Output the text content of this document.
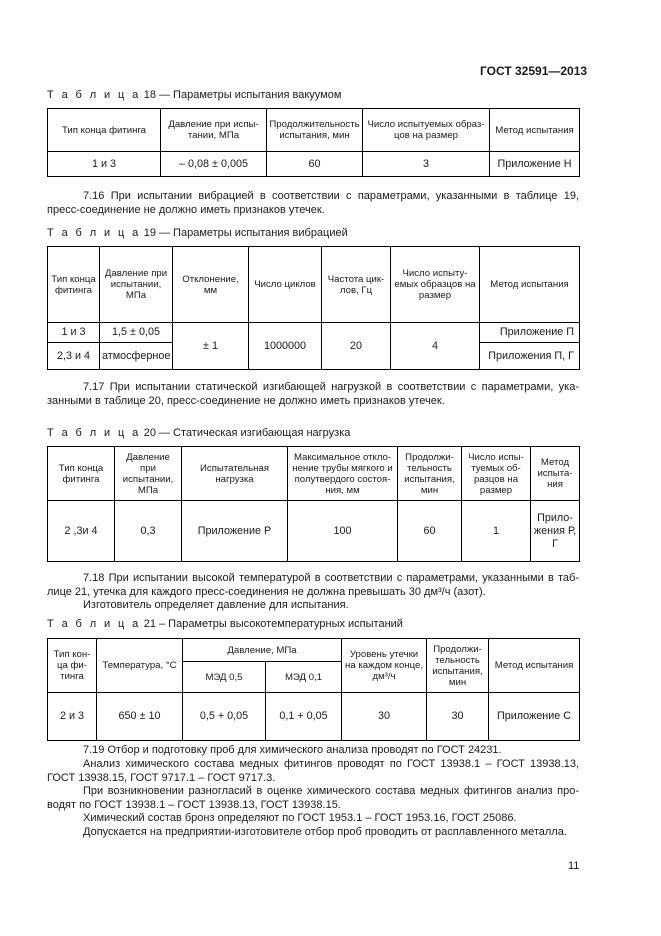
ГОСТ 32591—2013
Т а б л и ц а 18 — Параметры испытания вакуумом
Тип конца фитинга	Давление при испы-тании, МПа	Продолжительность испытания, мин	Число испытуемых образ-цов на размер	Метод испытания
1 и 3	– 0,08 ± 0,005	60	3	Приложение Н
7.16 При испытании вибрацией в соответствии с параметрами, указанными в таблице 19, пресс-соединение не должно иметь признаков утечек.
Т а б л и ц а 19 — Параметры испытания вибрацией
Тип конца фитинга	Давление при испытании, МПа	Отклонение, мм	Число циклов	Частота цик-лов, Гц	Число испыту-емых образцов на размер	Метод испытания
1 и 3	1,5 ± 0,05	± 1	1000000	20	4	Приложение П
2,3 и 4	атмосферное					Приложения П, Г
7.17 При испытании статической изгибающей нагрузкой в соответствии с параметрами, ука-занными в таблице 20, пресс-соединение не должно иметь признаков утечек.
Т а б л и ц а 20 — Статическая изгибающая нагрузка
Тип конца фитинга	Давление при испытании, МПа	Испытательная нагрузка	Максимальное откло-нение трубы мягкого и полутвердого состоя-ния, мм	Продолжи-тельность испытания, мин	Число испы-туемых об-разцов на размер	Метод испыта-ния
2 ,3и 4	0,3	Приложение Р	100	60	1	Прило-жения Р, Г
7.18 При испытании высокой температурой в соответствии с параметрами, указанными в таб-лице 21, утечка для каждого пресс-соединения не должна превышать 30 дм³/ч (азот).
Изготовитель определяет давление для испытания.
Т а б л и ц а 21 – Параметры высокотемпературных испытаний
Тип кон-ца фи-тинга	Температура, °С	Давление, МПа		Уровень утечки на каждом конце, дм³/ч	Продолжи-тельность испытания, мин	Метод испытания
		МЭД 0,5	МЭД 0,1			
2 и 3	650 ± 10	0,5 + 0,05	0,1 + 0,05	30	30	Приложение С
7.19 Отбор и подготовку проб для химического анализа проводят по ГОСТ 24231.
Анализ химического состава медных фитингов проводят по ГОСТ 13938.1 – ГОСТ 13938.13, ГОСТ 13938.15, ГОСТ 9717.1 – ГОСТ 9717.3.
При возникновении разногласий в оценке химического состава медных фитингов анализ про-водят по ГОСТ 13938.1 – ГОСТ 13938.13, ГОСТ 13938.15.
Химический состав бронз определяют по ГОСТ 1953.1 – ГОСТ 1953.16, ГОСТ 25086.
Допускается на предприятии-изготовителе отбор проб проводить от расплавленного металла.
11
